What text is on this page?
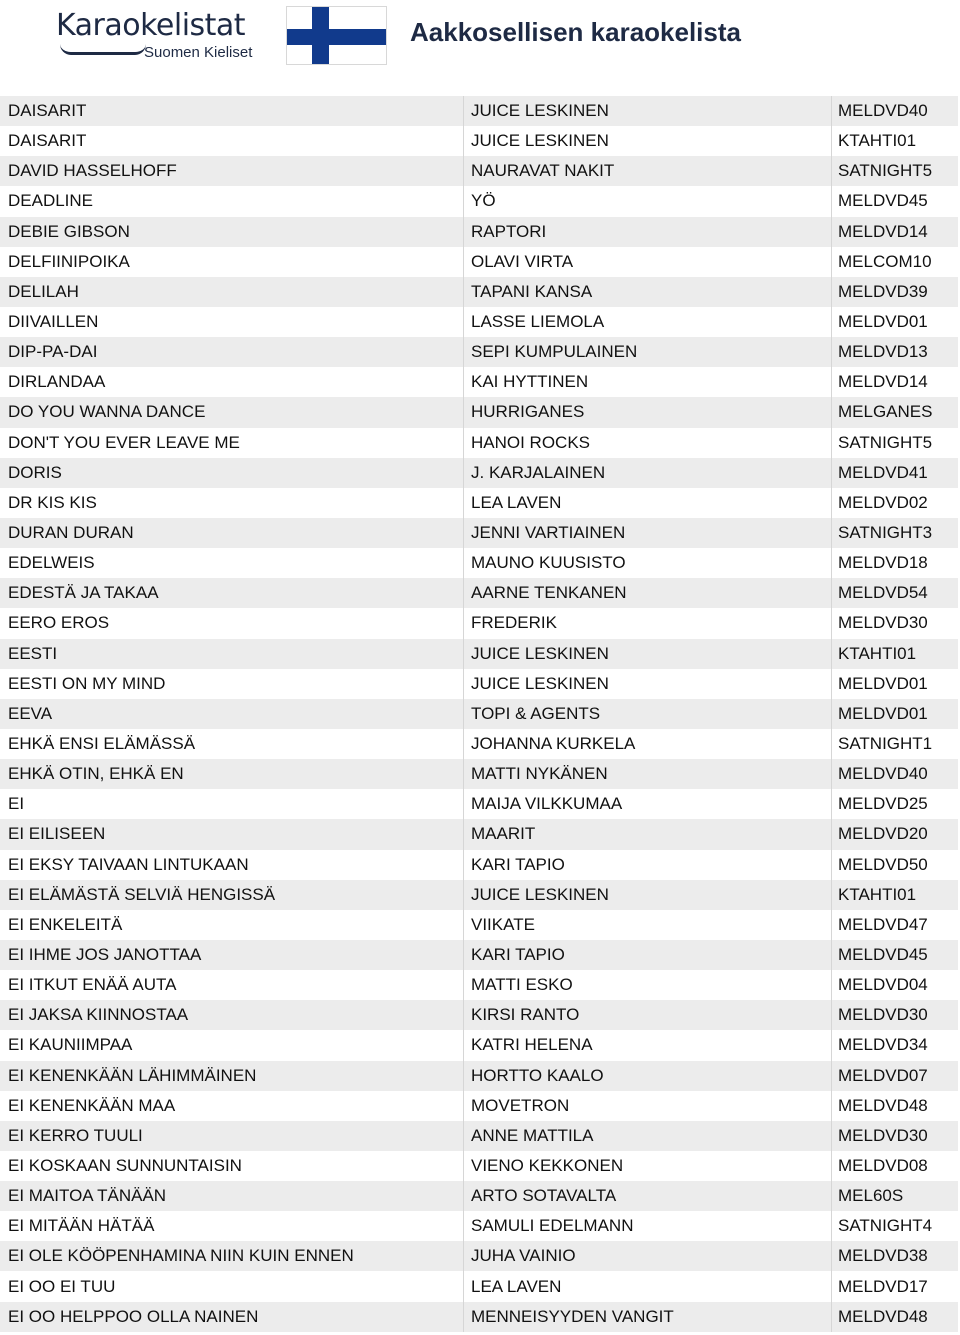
Karaokelistat
Suomen Kieliset
Aakkosellisen karaokelista
DAISARIT	JUICE LESKINEN	MELDVD40
DAISARIT	JUICE LESKINEN	KTAHTI01
DAVID HASSELHOFF	NAURAVAT NAKIT	SATNIGHT5
DEADLINE	YÖ	MELDVD45
DEBIE GIBSON	RAPTORI	MELDVD14
DELFIINIPOIKA	OLAVI VIRTA	MELCOM10
DELILAH	TAPANI KANSA	MELDVD39
DIIVAILLEN	LASSE LIEMOLA	MELDVD01
DIP-PA-DAI	SEPI KUMPULAINEN	MELDVD13
DIRLANDAA	KAI HYTTINEN	MELDVD14
DO YOU WANNA DANCE	HURRIGANES	MELGANES
DON'T YOU EVER LEAVE ME	HANOI ROCKS	SATNIGHT5
DORIS	J. KARJALAINEN	MELDVD41
DR KIS KIS	LEA LAVEN	MELDVD02
DURAN DURAN	JENNI VARTIAINEN	SATNIGHT3
EDELWEIS	MAUNO KUUSISTO	MELDVD18
EDESTÄ JA TAKAA	AARNE TENKANEN	MELDVD54
EERO EROS	FREDERIK	MELDVD30
EESTI	JUICE LESKINEN	KTAHTI01
EESTI ON MY MIND	JUICE LESKINEN	MELDVD01
EEVA	TOPI & AGENTS	MELDVD01
EHKÄ ENSI ELÄMÄSSÄ	JOHANNA KURKELA	SATNIGHT1
EHKÄ OTIN, EHKÄ EN	MATTI NYKÄNEN	MELDVD40
EI	MAIJA VILKKUMAA	MELDVD25
EI EILISEEN	MAARIT	MELDVD20
EI EKSY TAIVAAN LINTUKAAN	KARI TAPIO	MELDVD50
EI ELÄMÄSTÄ SELVIÄ HENGISSÄ	JUICE LESKINEN	KTAHTI01
EI ENKELEITÄ	VIIKATE	MELDVD47
EI IHME JOS JANOTTAA	KARI TAPIO	MELDVD45
EI ITKUT ENÄÄ AUTA	MATTI ESKO	MELDVD04
EI JAKSA KIINNOSTAA	KIRSI RANTO	MELDVD30
EI KAUNIIMPAA	KATRI HELENA	MELDVD34
EI KENENKÄÄN LÄHIMMÄINEN	HORTTO KAALO	MELDVD07
EI KENENKÄÄN MAA	MOVETRON	MELDVD48
EI KERRO TUULI	ANNE MATTILA	MELDVD30
EI KOSKAAN SUNNUNTAISIN	VIENO KEKKONEN	MELDVD08
EI MAITOA TÄNÄÄN	ARTO SOTAVALTA	MEL60S
EI MITÄÄN HÄTÄÄ	SAMULI EDELMANN	SATNIGHT4
EI OLE KÖÖPENHAMINA NIIN KUIN ENNEN	JUHA VAINIO	MELDVD38
EI OO EI TUU	LEA LAVEN	MELDVD17
EI OO HELPPOO OLLA NAINEN	MENNEISYYDEN VANGIT	MELDVD48
